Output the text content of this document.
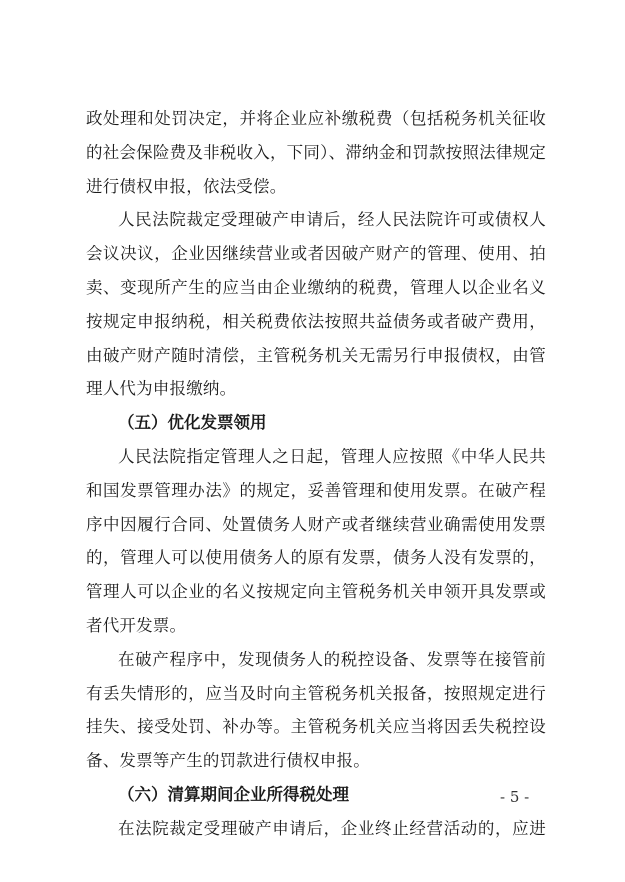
政处理和处罚决定，并将企业应补缴税费（包括税务机关征收
的社会保险费及非税收入，下同）、滞纳金和罚款按照法律规定
进行债权申报，依法受偿。
人民法院裁定受理破产申请后，经人民法院许可或债权人
会议决议，企业因继续营业或者因破产财产的管理、使用、拍
卖、变现所产生的应当由企业缴纳的税费，管理人以企业名义
按规定申报纳税，相关税费依法按照共益债务或者破产费用，
由破产财产随时清偿，主管税务机关无需另行申报债权，由管
理人代为申报缴纳。
（五）优化发票领用
人民法院指定管理人之日起，管理人应按照《中华人民共
和国发票管理办法》的规定，妥善管理和使用发票。在破产程
序中因履行合同、处置债务人财产或者继续营业确需使用发票
的，管理人可以使用债务人的原有发票，债务人没有发票的，
管理人可以企业的名义按规定向主管税务机关申领开具发票或
者代开发票。
在破产程序中，发现债务人的税控设备、发票等在接管前
有丢失情形的，应当及时向主管税务机关报备，按照规定进行
挂失、接受处罚、补办等。主管税务机关应当将因丢失税控设
备、发票等产生的罚款进行债权申报。
（六）清算期间企业所得税处理
在法院裁定受理破产申请后，企业终止经营活动的，应进
- 5 -
